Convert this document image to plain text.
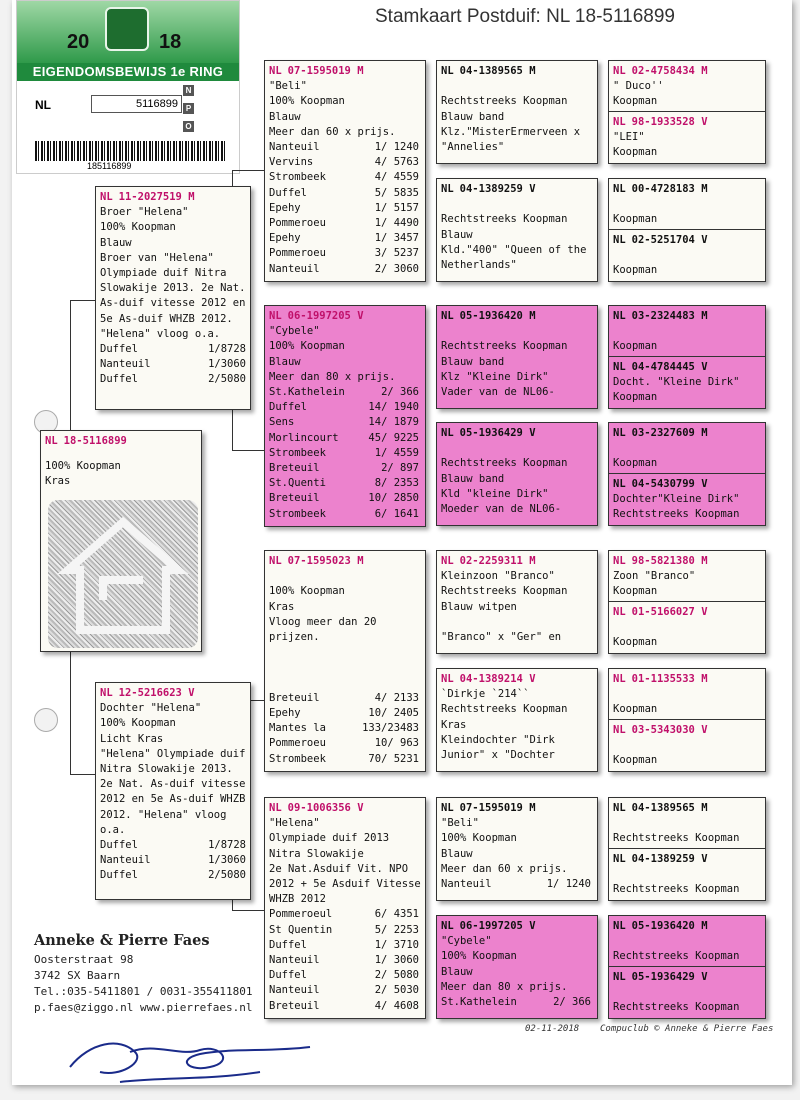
20	18
EIGENDOMSBEWIJS 1e RING
NL	5116899
N
P
O
185116899
Stamkaart Postduif: NL 18-5116899
NL 18-5116899
100% Koopman
Kras
NL 11-2027519 M
Broer "Helena"
100% Koopman
Blauw
Broer van "Helena" Olympiade duif Nitra Slowakije 2013. 2e Nat. As-duif vitesse 2012 en 5e As-duif WHZB 2012. "Helena" vloog o.a.
Duffel	1/8728
Nanteuil	1/3060
Duffel	2/5080
NL 12-5216623 V
Dochter "Helena"
100% Koopman
Licht Kras
"Helena" Olympiade duif Nitra Slowakije 2013. 2e Nat. As-duif vitesse 2012 en 5e As-duif WHZB 2012. "Helena" vloog o.a.
Duffel	1/8728
Nanteuil	1/3060
Duffel	2/5080
NL 07-1595019 M
"Beli"
100% Koopman
Blauw
Meer dan 60 x prijs.
Nanteuil	1/ 1240
Vervins	4/ 5763
Strombeek	4/ 4559
Duffel	5/ 5835
Epehy	1/ 5157
Pommeroeu	1/ 4490
Epehy	1/ 3457
Pommeroeu	3/ 5237
Nanteuil	2/ 3060
NL 06-1997205 V
"Cybele"
100% Koopman
Blauw
Meer dan 80 x prijs.
St.Kathelein	2/ 366
Duffel	14/ 1940
Sens	14/ 1879
Morlincourt	45/ 9225
Strombeek	1/ 4559
Breteuil	2/ 897
St.Quenti	8/ 2353
Breteuil	10/ 2850
Strombeek	6/ 1641
NL 07-1595023 M

100% Koopman
Kras
Vloog meer dan 20 prijzen.

Breteuil	4/ 2133
Epehy	10/ 2405
Mantes la	133/23483
Pommeroeu	10/ 963
Strombeek	70/ 5231
NL 09-1006356 V
"Helena"
Olympiade duif 2013 Nitra Slowakije
2e Nat.Asduif Vit. NPO 2012 + 5e Asduif Vitesse WHZB 2012
Pommeroeul	6/ 4351
St Quentin	5/ 2253
Duffel	1/ 3710
Nanteuil	1/ 3060
Duffel	2/ 5080
Nanteuil	2/ 5030
Breteuil	4/ 4608
NL 04-1389565 M

Rechtstreeks Koopman
Blauw band
Klz."MisterErmerveen x "Annelies"
NL 04-1389259 V

Rechtstreeks Koopman
Blauw
Kld."400" "Queen of the Netherlands"
NL 05-1936420 M

Rechtstreeks Koopman
Blauw band
Klz "Kleine Dirk"
Vader van de NL06-
NL 05-1936429 V

Rechtstreeks Koopman
Blauw band
Kld "kleine Dirk"
Moeder van de NL06-
NL 02-2259311 M
Kleinzoon "Branco"
Rechtstreeks Koopman
Blauw witpen

"Branco" x "Ger" en
NL 04-1389214 V
`Dirkje `214``
Rechtstreeks Koopman
Kras
Kleindochter "Dirk Junior" x "Dochter
NL 07-1595019 M
"Beli"
100% Koopman
Blauw
Meer dan 60 x prijs.
Nanteuil	1/ 1240
NL 06-1997205 V
"Cybele"
100% Koopman
Blauw
Meer dan 80 x prijs.
St.Kathelein	2/ 366
NL 02-4758434 M
" Duco''
Koopman
NL 98-1933528 V
"LEI"
Koopman
NL 00-4728183 M

Koopman
NL 02-5251704 V

Koopman
NL 03-2324483 M

Koopman
NL 04-4784445 V
Docht. "Kleine Dirk"
Koopman
NL 03-2327609 M

Koopman
NL 04-5430799 V
Dochter"Kleine Dirk"
Rechtstreeks Koopman
NL 98-5821380 M
Zoon "Branco"
Koopman
NL 01-5166027 V

Koopman
NL 01-1135533 M

Koopman
NL 03-5343030 V

Koopman
NL 04-1389565 M

Rechtstreeks Koopman
NL 04-1389259 V

Rechtstreeks Koopman
NL 05-1936420 M

Rechtstreeks Koopman
NL 05-1936429 V

Rechtstreeks Koopman
Anneke & Pierre Faes
Oosterstraat 98
3742 SX Baarn
Tel.:035-5411801 / 0031-355411801
p.faes@ziggo.nl www.pierrefaes.nl
02-11-2018 Compuclub © Anneke & Pierre Faes
